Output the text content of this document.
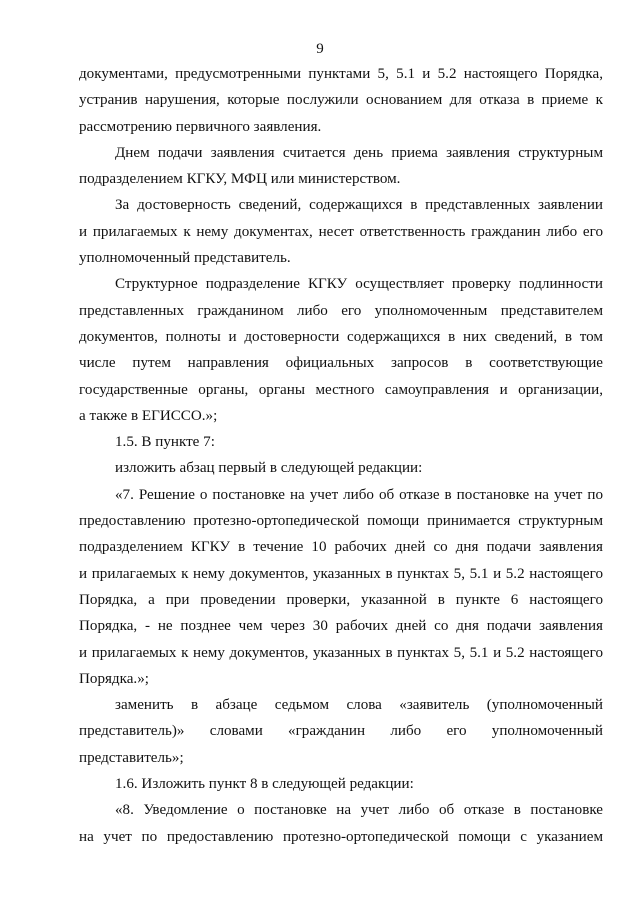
9
документами, предусмотренными пунктами 5, 5.1 и 5.2 настоящего Порядка,
устранив нарушения, которые послужили основанием для отказа в приеме к
рассмотрению первичного заявления.
Днем подачи заявления считается день приема заявления структурным
подразделением КГКУ, МФЦ или министерством.
За достоверность сведений, содержащихся в представленных заявлении
и прилагаемых к нему документах, несет ответственность гражданин либо его
уполномоченный представитель.
Структурное подразделение КГКУ осуществляет проверку подлинности
представленных гражданином либо его уполномоченным представителем
документов, полноты и достоверности содержащихся в них сведений, в том
числе путем направления официальных запросов в соответствующие
государственные органы, органы местного самоуправления и организации,
а также в ЕГИССО.»;
1.5. В пункте 7:
изложить абзац первый в следующей редакции:
«7. Решение о постановке на учет либо об отказе в постановке на учет по
предоставлению протезно-ортопедической помощи принимается структурным
подразделением КГКУ в течение 10 рабочих дней со дня подачи заявления
и прилагаемых к нему документов, указанных в пунктах 5, 5.1 и 5.2 настоящего
Порядка, а при проведении проверки, указанной в пункте 6 настоящего
Порядка, - не позднее чем через 30 рабочих дней со дня подачи заявления
и прилагаемых к нему документов, указанных в пунктах 5, 5.1 и 5.2 настоящего
Порядка.»;
заменить в абзаце седьмом слова «заявитель (уполномоченный
представитель)» словами «гражданин либо его уполномоченный
представитель»;
1.6. Изложить пункт 8 в следующей редакции:
«8. Уведомление о постановке на учет либо об отказе в постановке
на учет по предоставлению протезно-ортопедической помощи с указанием
